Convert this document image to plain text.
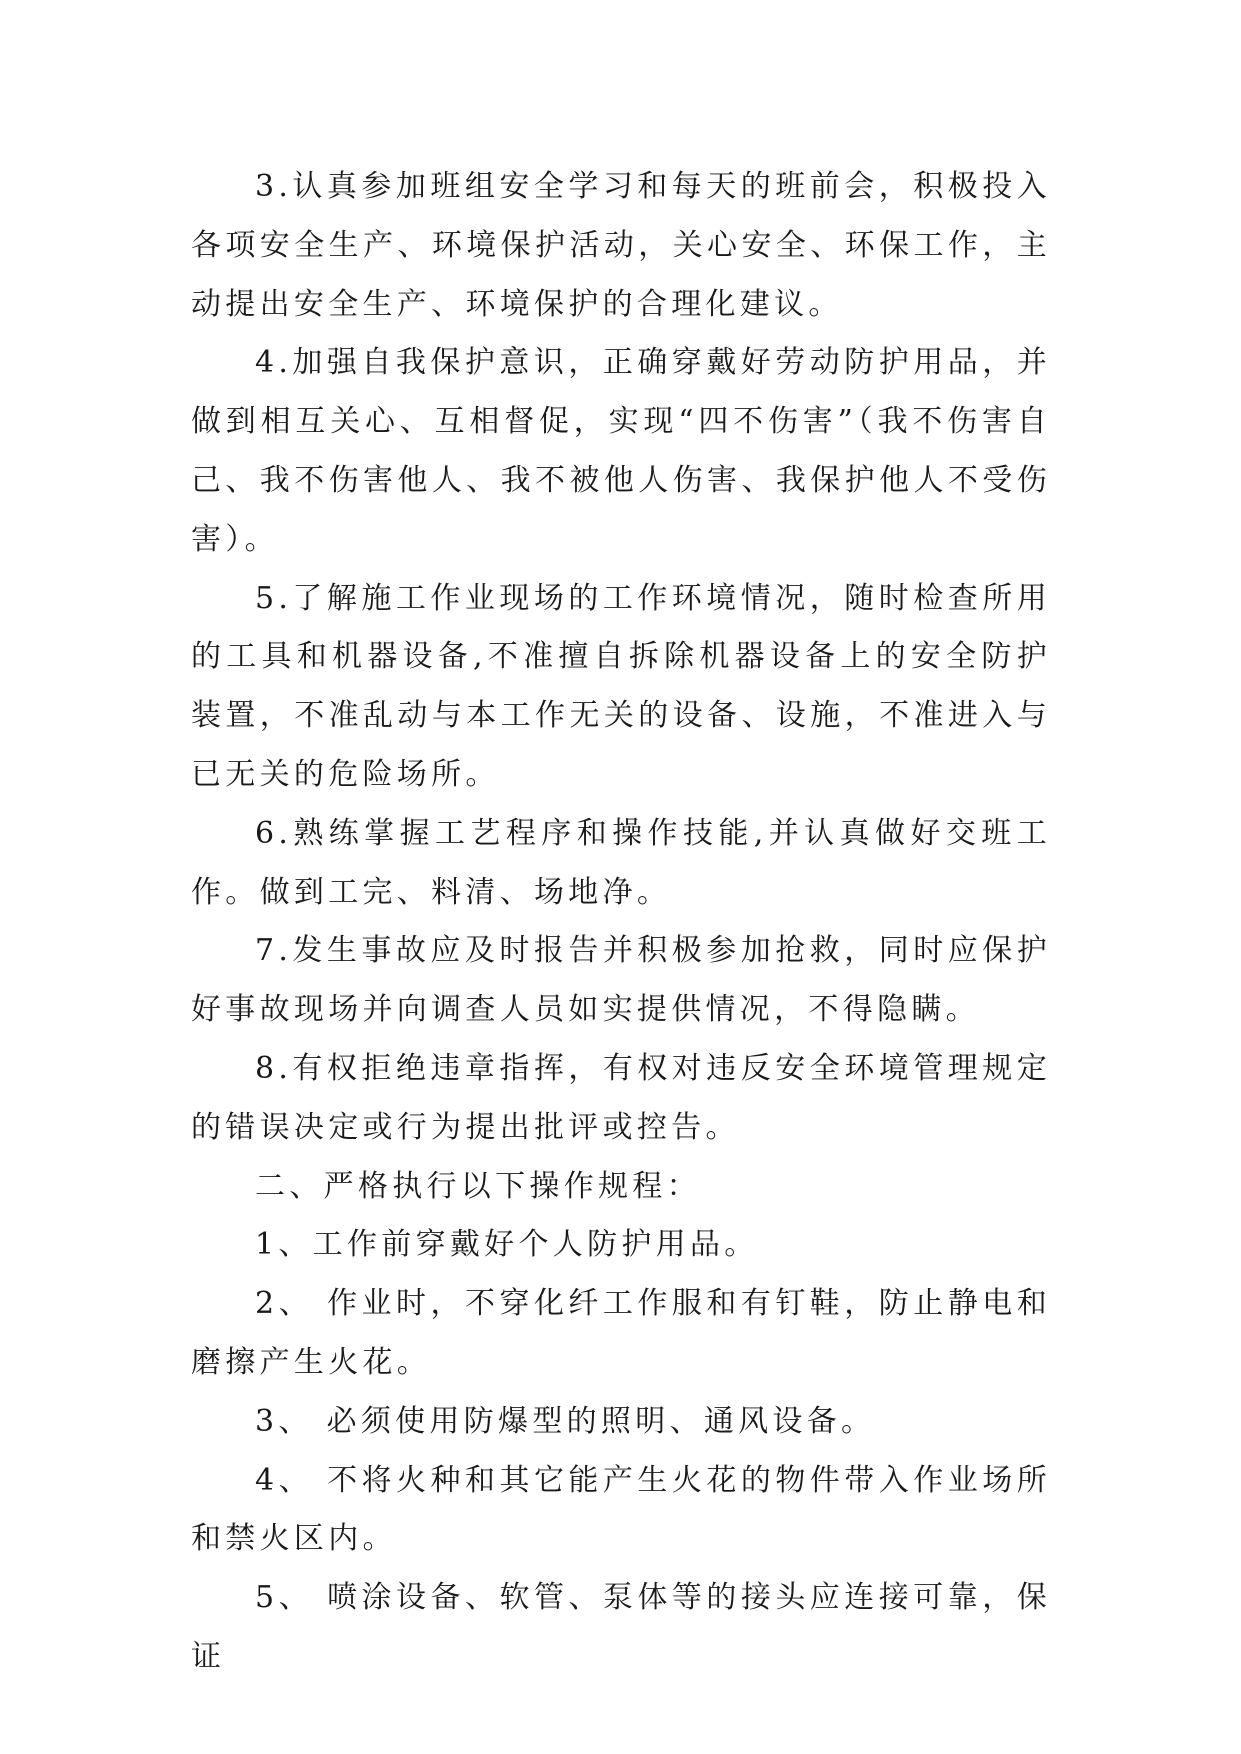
3.认真参加班组安全学习和每天的班前会，积极投入各项安全生产、环境保护活动，关心安全、环保工作，主动提出安全生产、环境保护的合理化建议。

4.加强自我保护意识，正确穿戴好劳动防护用品，并做到相互关心、互相督促，实现“四不伤害”（我不伤害自己、我不伤害他人、我不被他人伤害、我保护他人不受伤害）。

5.了解施工作业现场的工作环境情况，随时检查所用的工具和机器设备,不准擅自拆除机器设备上的安全防护装置，不准乱动与本工作无关的设备、设施，不准进入与已无关的危险场所。

6.熟练掌握工艺程序和操作技能,并认真做好交班工作。做到工完、料清、场地净。

7.发生事故应及时报告并积极参加抢救，同时应保护好事故现场并向调查人员如实提供情况，不得隐瞒。

8.有权拒绝违章指挥，有权对违反安全环境管理规定的错误决定或行为提出批评或控告。

二、严格执行以下操作规程：

1、工作前穿戴好个人防护用品。

2、 作业时，不穿化纤工作服和有钉鞋，防止静电和磨擦产生火花。

3、 必须使用防爆型的照明、通风设备。

4、 不将火种和其它能产生火花的物件带入作业场所和禁火区内。

5、 喷涂设备、软管、泵体等的接头应连接可靠，保证
